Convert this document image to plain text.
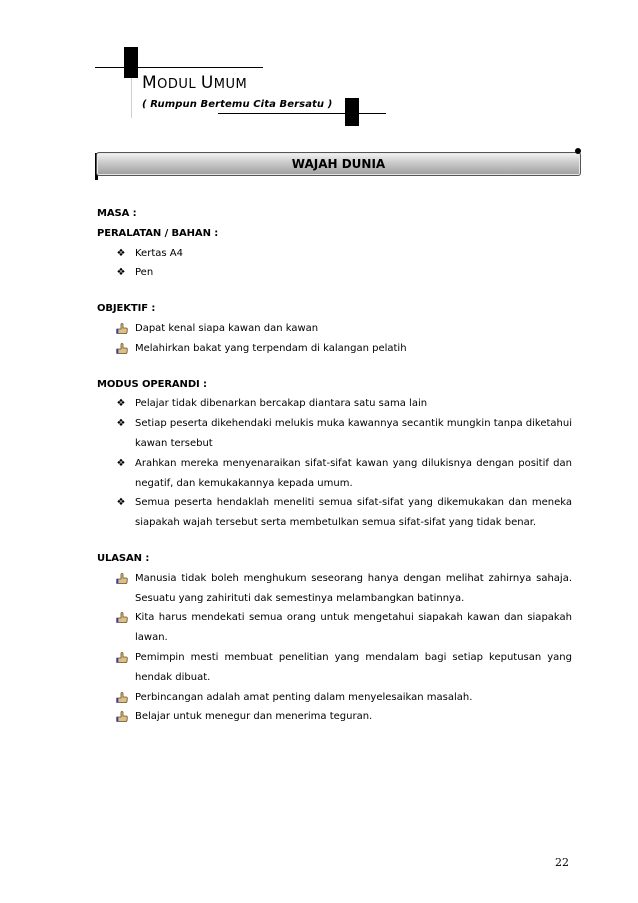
MODUL UMUM
( Rumpun Bertemu Cita Bersatu )
WAJAH DUNIA
MASA :
PERALATAN / BAHAN :
❖ Kertas A4
❖ Pen
OBJEKTIF :
Dapat kenal siapa kawan dan kawan
Melahirkan bakat yang terpendam di kalangan pelatih
MODUS OPERANDI :
❖ Pelajar tidak dibenarkan bercakap diantara satu sama lain
❖ Setiap peserta dikehendaki melukis muka kawannya secantik mungkin tanpa diketahui kawan tersebut
❖ Arahkan mereka menyenaraikan sifat-sifat kawan yang dilukisnya dengan positif dan negatif, dan kemukakannya kepada umum.
❖ Semua peserta hendaklah meneliti semua sifat-sifat yang dikemukakan dan meneka siapakah wajah tersebut serta membetulkan semua sifat-sifat yang tidak benar.
ULASAN :
Manusia tidak boleh menghukum seseorang hanya dengan melihat zahirnya sahaja. Sesuatu yang zahirituti dak semestinya melambangkan batinnya.
Kita harus mendekati semua orang untuk mengetahui siapakah kawan dan siapakah lawan.
Pemimpin mesti membuat penelitian yang mendalam bagi setiap keputusan yang hendak dibuat.
Perbincangan adalah amat penting dalam menyelesaikan masalah.
Belajar untuk menegur dan menerima teguran.
22
